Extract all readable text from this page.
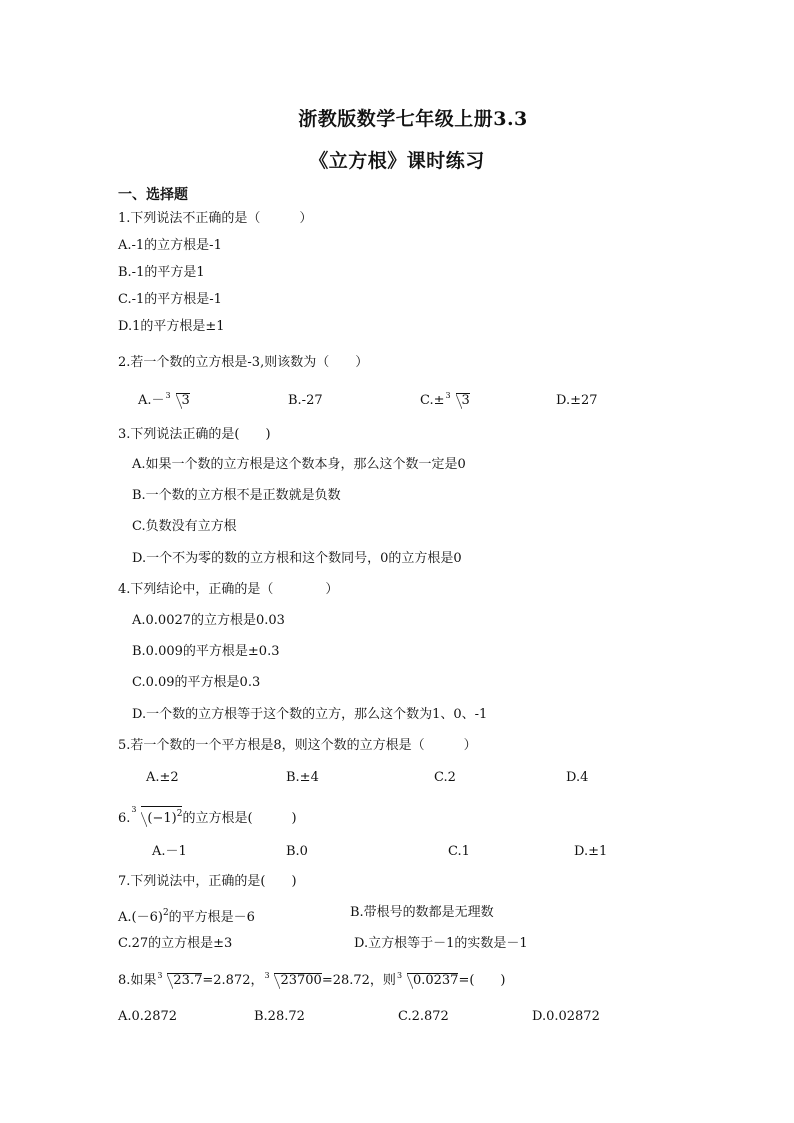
浙教版数学七年级上册3.3
《立方根》课时练习
一、选择题
1.下列说法不正确的是（　　　）
A.-1的立方根是-1
B.-1的平方是1
C.-1的平方根是-1
D.1的平方根是±1
2.若一个数的立方根是-3,则该数为（　　）
A.－ 3 3	B.-27	C.± 3 3	D.±27
3.下列说法正确的是(　　)
A.如果一个数的立方根是这个数本身，那么这个数一定是0
B.一个数的立方根不是正数就是负数
C.负数没有立方根
D.一个不为零的数的立方根和这个数同号，0的立方根是0
4.下列结论中，正确的是（　　　　）
A.0.0027的立方根是0.03
B.0.009的平方根是±0.3
C.0.09的平方根是0.3
D.一个数的立方根等于这个数的立方，那么这个数为1、0、-1
5.若一个数的一个平方根是8，则这个数的立方根是（　　　）
A.±2	B.±4	C.2	D.4
6.
3
$(-1)^2$的立方根是(　　　)
A.－1	B.0	C.1	D.±1
7.下列说法中，正确的是(　　)
$A.(-6)^2$的平方根是－6	B.带根号的数都是无理数
C.27的立方根是±3	D.立方根等于－1的实数是－1
8.如果 3 23.7=2.872， 3 23700=28.72，则 3 0.0237=(　　)
A.0.2872	B.28.72	C.2.872	D.0.02872
